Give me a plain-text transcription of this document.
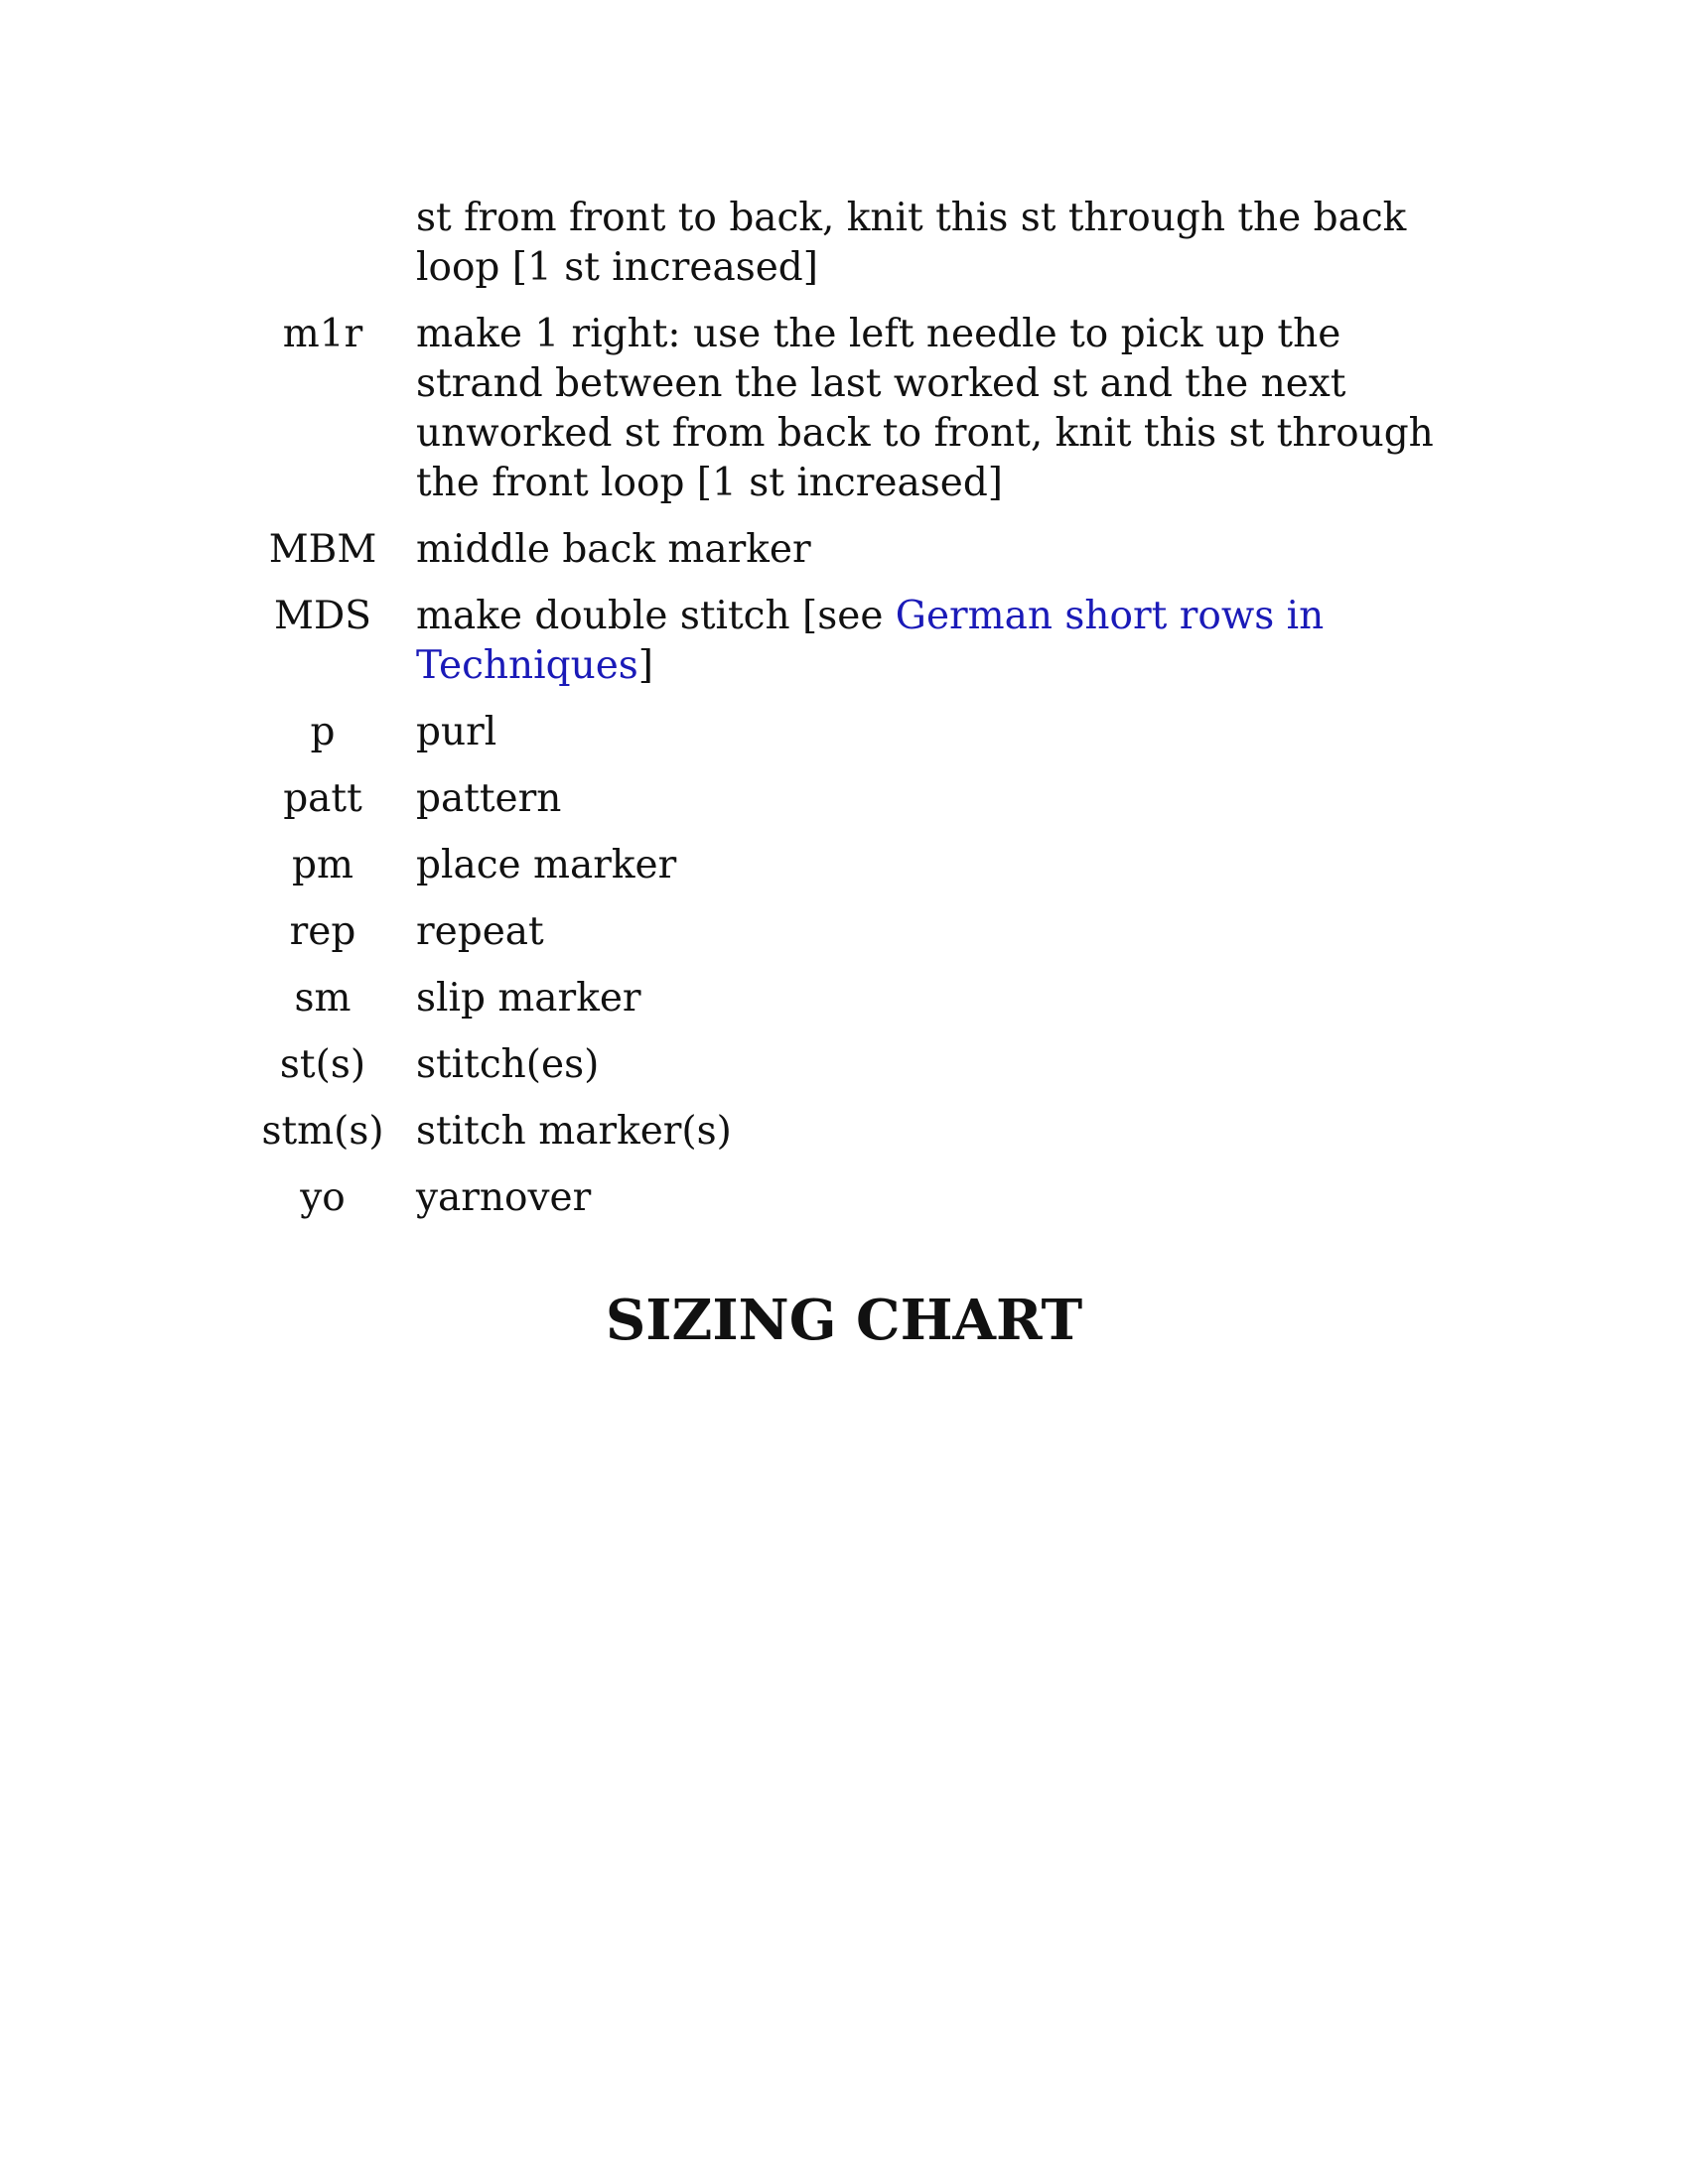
st from front to back, knit this st through the back
loop [1 st increased]
m1r	make 1 right: use the left needle to pick up the
strand between the last worked st and the next
unworked st from back to front, knit this st through
the front loop [1 st increased]
MBM	middle back marker
MDS	make double stitch [see German short rows in
Techniques]
p	purl
patt	pattern
pm	place marker
rep	repeat
sm	slip marker
st(s)	stitch(es)
stm(s) stitch marker(s)
yo	yarnover
SIZING CHART
